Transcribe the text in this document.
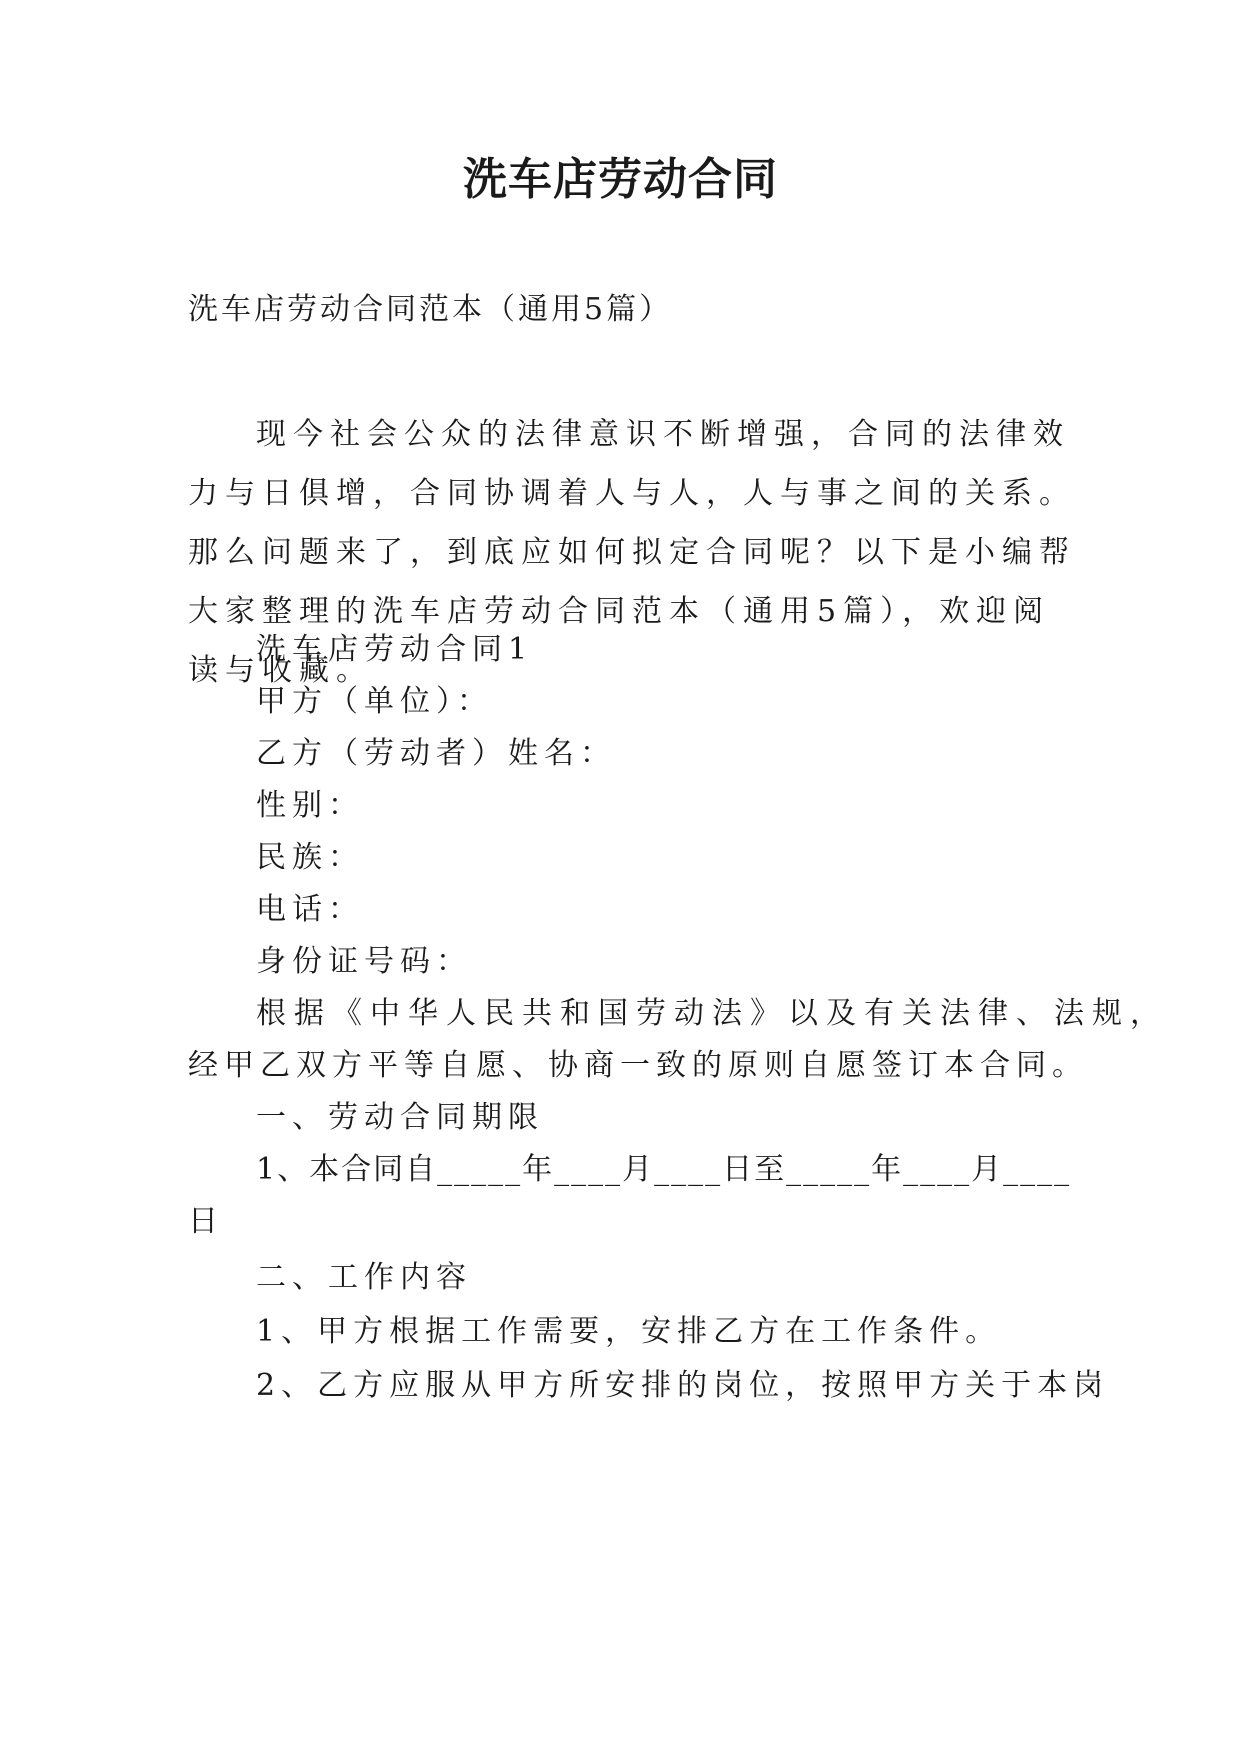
洗车店劳动合同
洗车店劳动合同范本（通用5篇）

现今社会公众的法律意识不断增强，合同的法律效力与日俱增，合同协调着人与人，人与事之间的关系。那么问题来了，到底应如何拟定合同呢？以下是小编帮大家整理的洗车店劳动合同范本（通用5篇），欢迎阅读与收藏。

洗车店劳动合同1
甲方（单位）：
乙方（劳动者）姓名：
性别：
民族：
电话：
身份证号码：
根据《中华人民共和国劳动法》以及有关法律、法规，
经甲乙双方平等自愿、协商一致的原则自愿签订本合同。
一、劳动合同期限
1、本合同自_____年____月____日至_____年____月____
日
二、工作内容
1、甲方根据工作需要，安排乙方在工作条件。
2、乙方应服从甲方所安排的岗位，按照甲方关于本岗
